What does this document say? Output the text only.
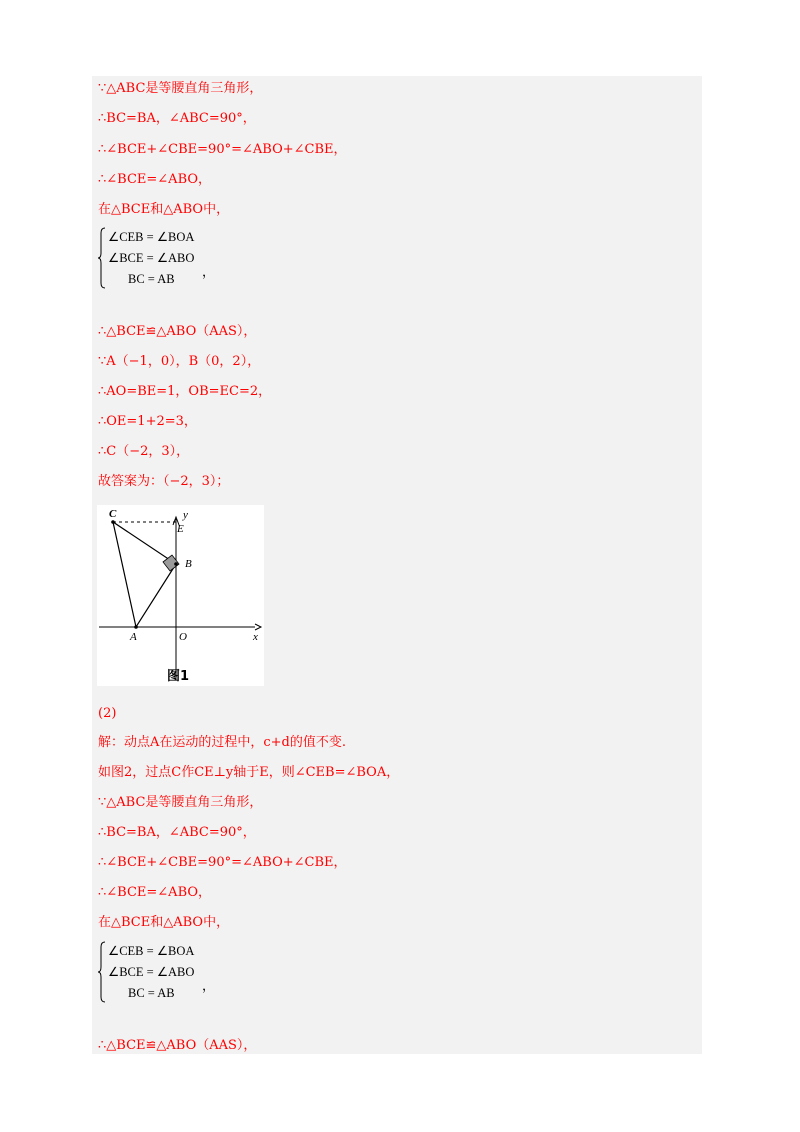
∵△ABC是等腰直角三角形，
∴BC=BA，∠ABC=90°，
∴∠BCE+∠CBE=90°=∠ABO+∠CBE，
∴∠BCE=∠ABO，
在△BCE和△ABO中，
∠CEB = ∠BOA
∠BCE = ∠ABO
BC = AB ，
∴△BCE≌△ABO（AAS），
∵A（−1，0），B（0，2），
∴AO=BE=1，OB=EC=2，
∴OE=1+2=3，
∴C（−2，3），
故答案为：（−2，3）；
C
E
y
B
A	O	x
图1
(2)
解：动点A在运动的过程中，c+d的值不变.
如图2，过点C作CE⊥y轴于E，则∠CEB=∠BOA，
∵△ABC是等腰直角三角形，
∴BC=BA，∠ABC=90°，
∴∠BCE+∠CBE=90°=∠ABO+∠CBE，
∴∠BCE=∠ABO，
在△BCE和△ABO中，
∠CEB = ∠BOA
∠BCE = ∠ABO
BC = AB ，
∴△BCE≌△ABO（AAS），
